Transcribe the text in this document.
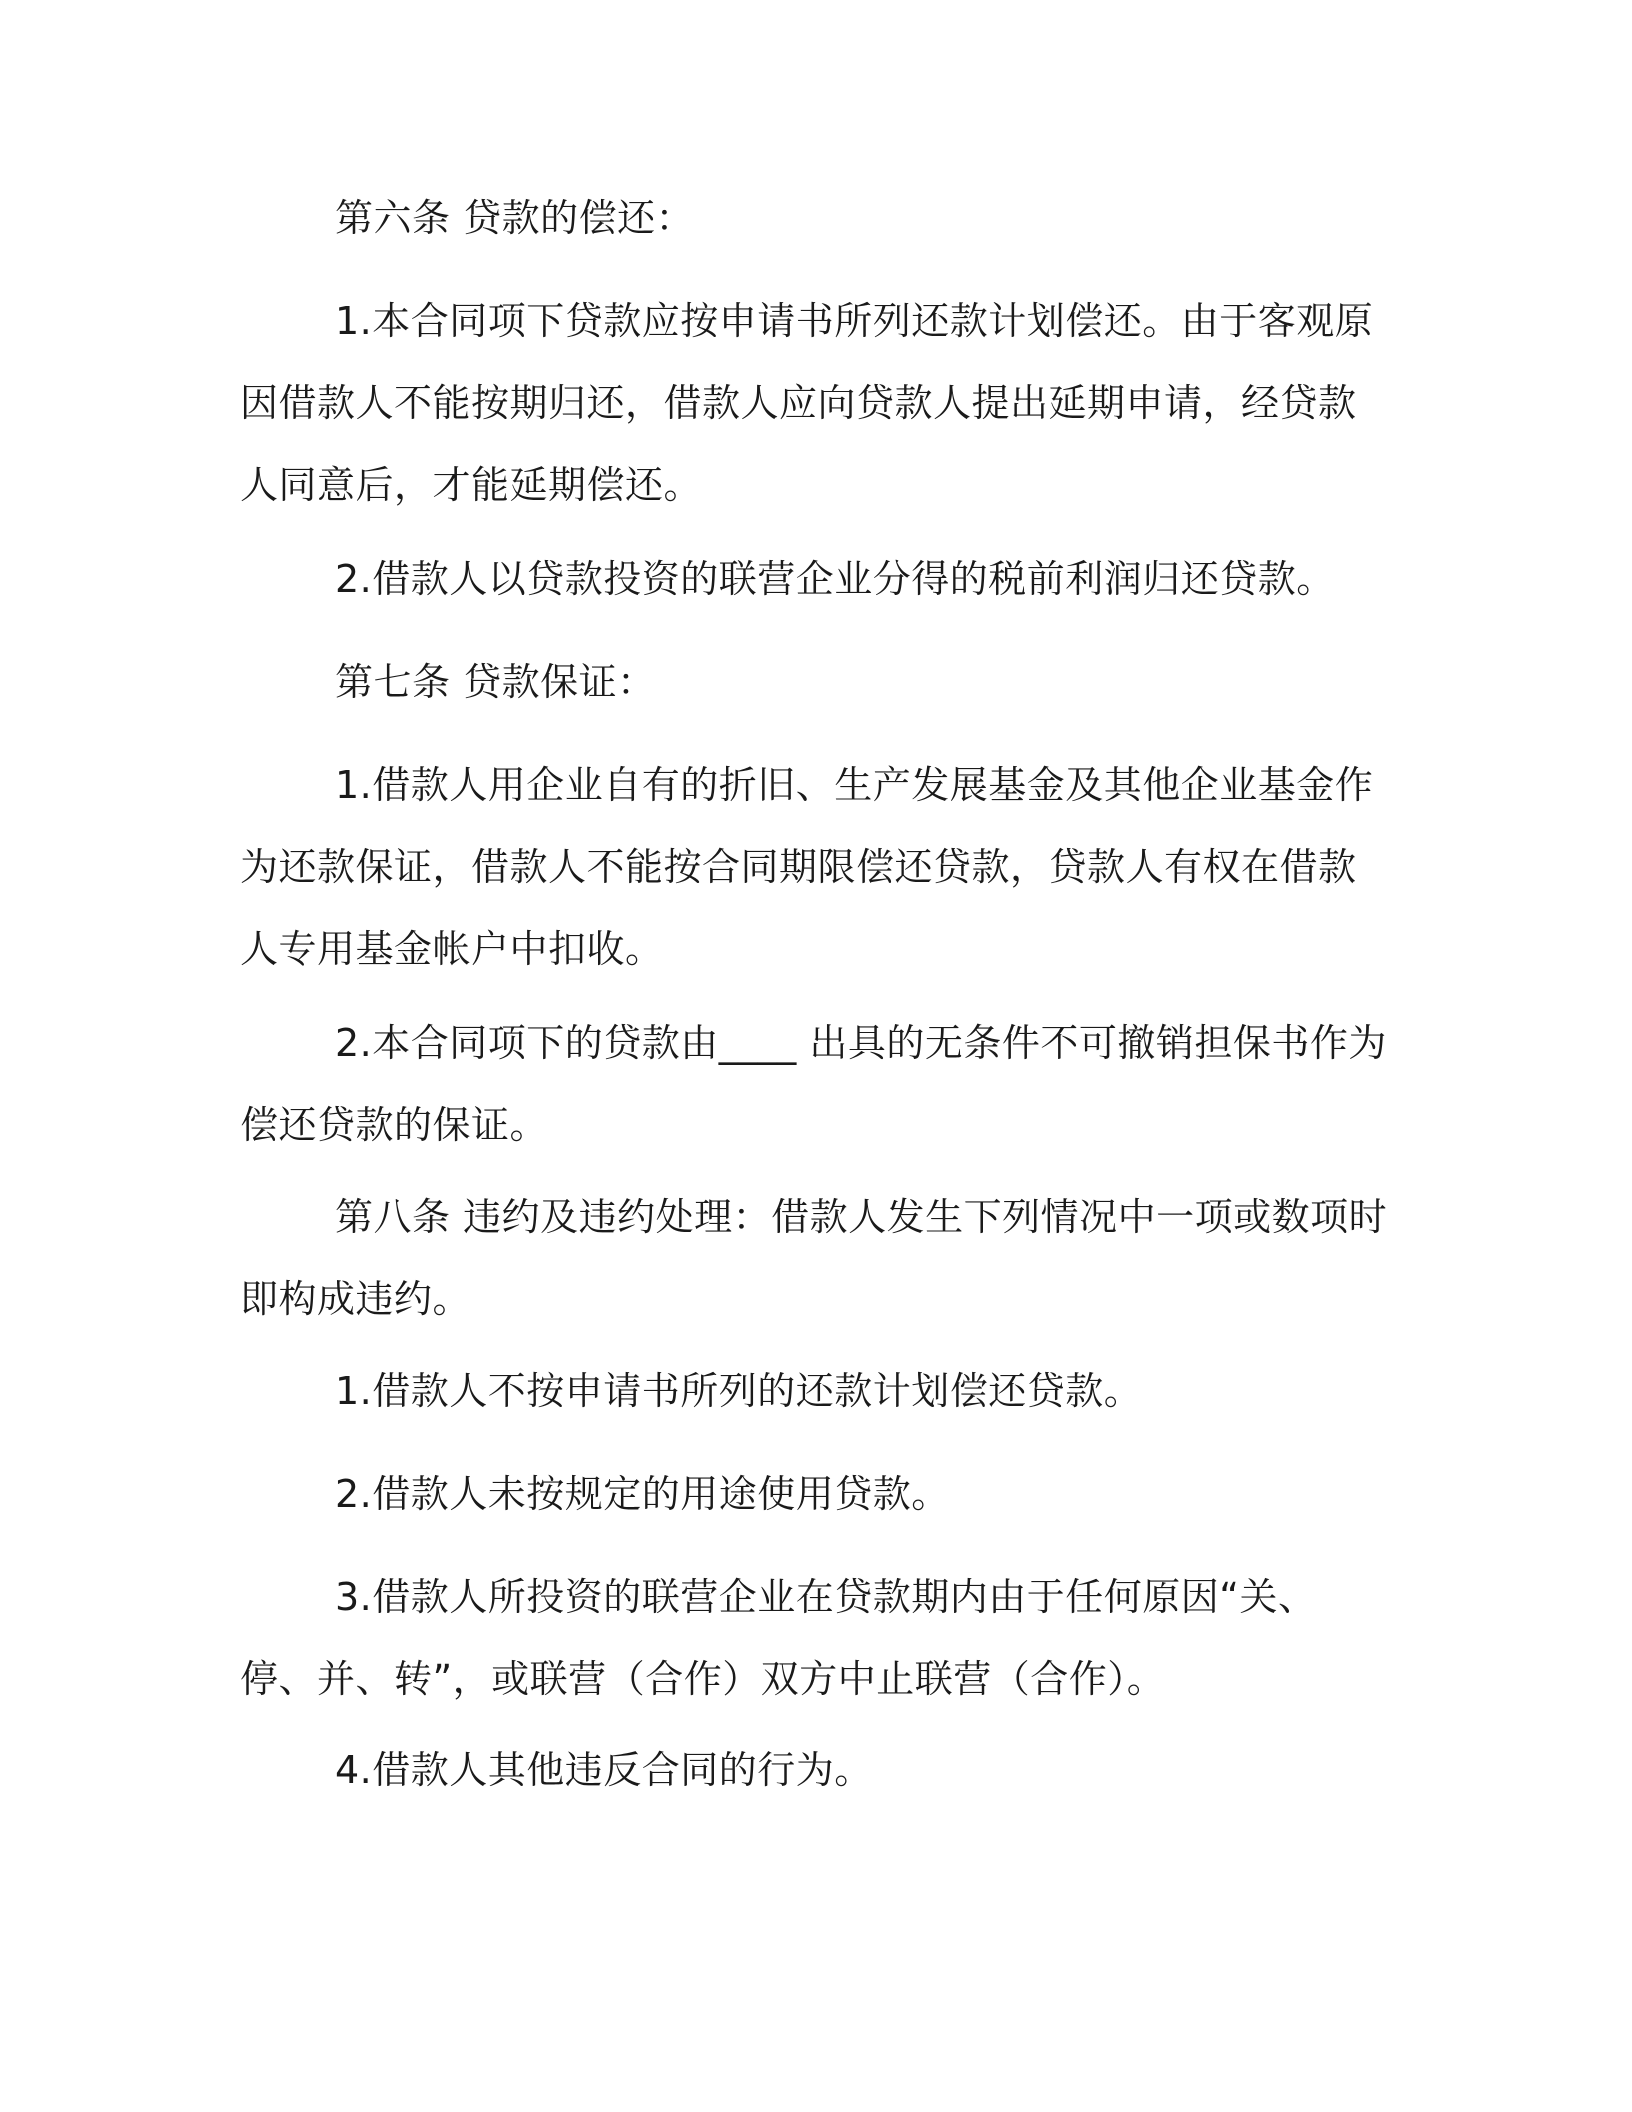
第六条 贷款的偿还：

1.本合同项下贷款应按申请书所列还款计划偿还。由于客观原因借款人不能按期归还，借款人应向贷款人提出延期申请，经贷款人同意后，才能延期偿还。

2.借款人以贷款投资的联营企业分得的税前利润归还贷款。

第七条 贷款保证：

1.借款人用企业自有的折旧、生产发展基金及其他企业基金作为还款保证，借款人不能按合同期限偿还贷款，贷款人有权在借款人专用基金帐户中扣收。

2.本合同项下的贷款由____ 出具的无条件不可撤销担保书作为偿还贷款的保证。

第八条 违约及违约处理：借款人发生下列情况中一项或数项时即构成违约。

1.借款人不按申请书所列的还款计划偿还贷款。

2.借款人未按规定的用途使用贷款。

3.借款人所投资的联营企业在贷款期内由于任何原因“关、停、并、转”，或联营（合作）双方中止联营（合作）。

4.借款人其他违反合同的行为。
